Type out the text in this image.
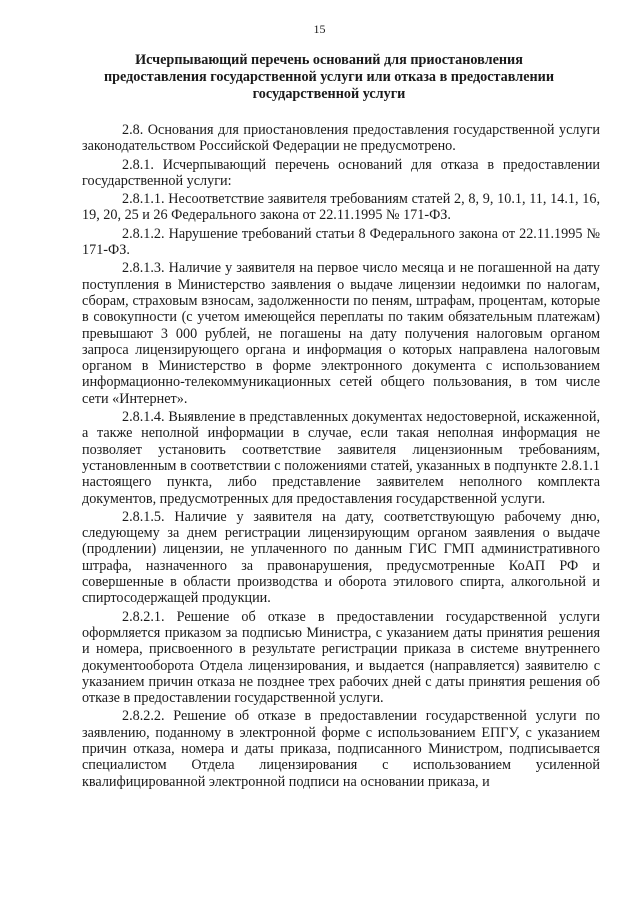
15
Исчерпывающий перечень оснований для приостановления предоставления государственной услуги или отказа в предоставлении государственной услуги

2.8. Основания для приостановления предоставления государственной услуги законодательством Российской Федерации не предусмотрено.

2.8.1. Исчерпывающий перечень оснований для отказа в предоставлении государственной услуги:

2.8.1.1. Несоответствие заявителя требованиям статей 2, 8, 9, 10.1, 11, 14.1, 16, 19, 20, 25 и 26 Федерального закона от 22.11.1995 № 171-ФЗ.

2.8.1.2. Нарушение требований статьи 8 Федерального закона от 22.11.1995 № 171-ФЗ.

2.8.1.3. Наличие у заявителя на первое число месяца и не погашенной на дату поступления в Министерство заявления о выдаче лицензии недоимки по налогам, сборам, страховым взносам, задолженности по пеням, штрафам, процентам, которые в совокупности (с учетом имеющейся переплаты по таким обязательным платежам) превышают 3 000 рублей, не погашены на дату получения налоговым органом запроса лицензирующего органа и информация о которых направлена налоговым органом в Министерство в форме электронного документа с использованием информационно-телекоммуникационных сетей общего пользования, в том числе сети «Интернет».

2.8.1.4. Выявление в представленных документах недостоверной, искаженной, а также неполной информации в случае, если такая неполная информация не позволяет установить соответствие заявителя лицензионным требованиям, установленным в соответствии с положениями статей, указанных в подпункте 2.8.1.1 настоящего пункта, либо представление заявителем неполного комплекта документов, предусмотренных для предоставления государственной услуги.

2.8.1.5. Наличие у заявителя на дату, соответствующую рабочему дню, следующему за днем регистрации лицензирующим органом заявления о выдаче (продлении) лицензии, не уплаченного по данным ГИС ГМП административного штрафа, назначенного за правонарушения, предусмотренные КоАП РФ и совершенные в области производства и оборота этилового спирта, алкогольной и спиртосодержащей продукции.

2.8.2.1. Решение об отказе в предоставлении государственной услуги оформляется приказом за подписью Министра, с указанием даты принятия решения и номера, присвоенного в результате регистрации приказа в системе внутреннего документооборота Отдела лицензирования, и выдается (направляется) заявителю с указанием причин отказа не позднее трех рабочих дней с даты принятия решения об отказе в предоставлении государственной услуги.

2.8.2.2. Решение об отказе в предоставлении государственной услуги по заявлению, поданному в электронной форме с использованием ЕПГУ, с указанием причин отказа, номера и даты приказа, подписанного Министром, подписывается специалистом Отдела лицензирования с использованием усиленной квалифицированной электронной подписи на основании приказа, и
